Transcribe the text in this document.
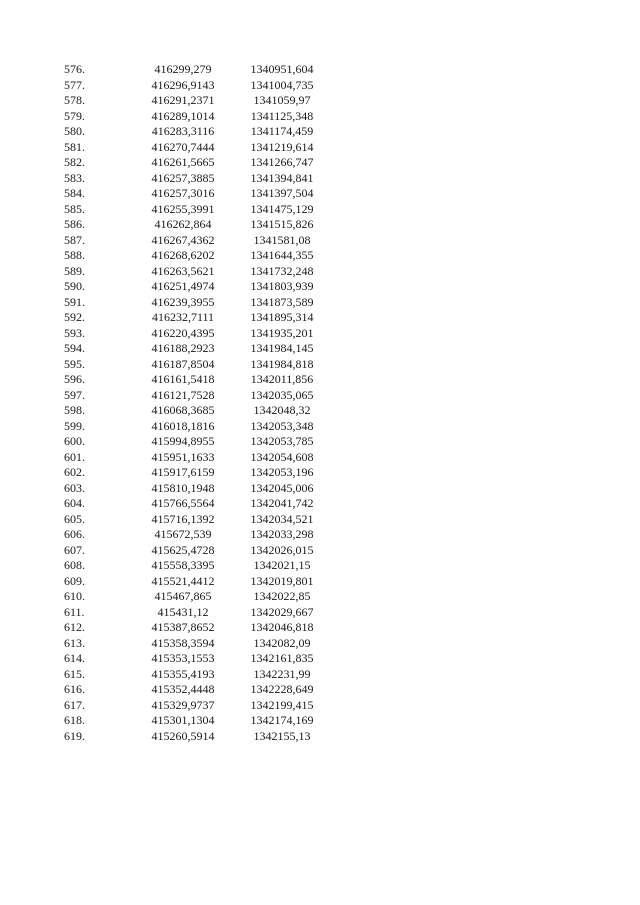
576.	416299,279	1340951,604
577.	416296,9143	1341004,735
578.	416291,2371	1341059,97
579.	416289,1014	1341125,348
580.	416283,3116	1341174,459
581.	416270,7444	1341219,614
582.	416261,5665	1341266,747
583.	416257,3885	1341394,841
584.	416257,3016	1341397,504
585.	416255,3991	1341475,129
586.	416262,864	1341515,826
587.	416267,4362	1341581,08
588.	416268,6202	1341644,355
589.	416263,5621	1341732,248
590.	416251,4974	1341803,939
591.	416239,3955	1341873,589
592.	416232,7111	1341895,314
593.	416220,4395	1341935,201
594.	416188,2923	1341984,145
595.	416187,8504	1341984,818
596.	416161,5418	1342011,856
597.	416121,7528	1342035,065
598.	416068,3685	1342048,32
599.	416018,1816	1342053,348
600.	415994,8955	1342053,785
601.	415951,1633	1342054,608
602.	415917,6159	1342053,196
603.	415810,1948	1342045,006
604.	415766,5564	1342041,742
605.	415716,1392	1342034,521
606.	415672,539	1342033,298
607.	415625,4728	1342026,015
608.	415558,3395	1342021,15
609.	415521,4412	1342019,801
610.	415467,865	1342022,85
611.	415431,12	1342029,667
612.	415387,8652	1342046,818
613.	415358,3594	1342082,09
614.	415353,1553	1342161,835
615.	415355,4193	1342231,99
616.	415352,4448	1342228,649
617.	415329,9737	1342199,415
618.	415301,1304	1342174,169
619.	415260,5914	1342155,13
